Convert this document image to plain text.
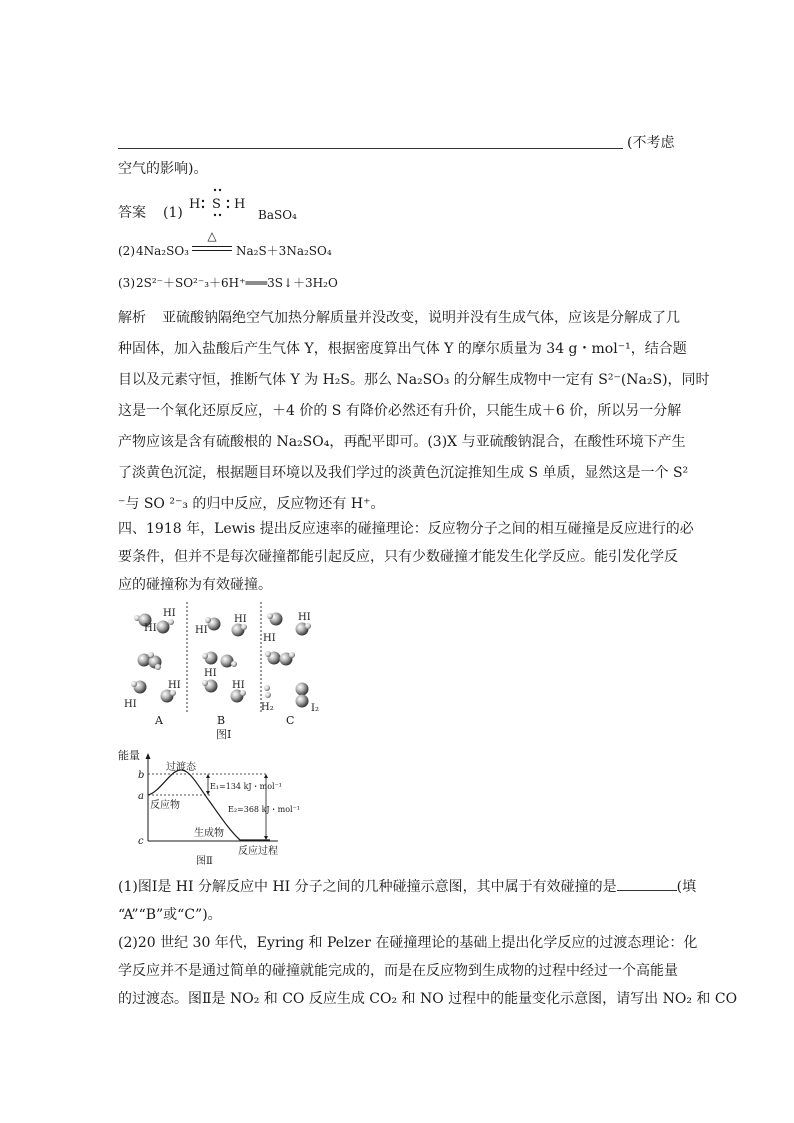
(不考虑
空气的影响)。
答案 (1)
H S H
BaSO₄
(2) 4Na₂SO₃
△
Na₂S＋3Na₂SO₄
(3) 2S²⁻＋SO²⁻₃＋6H⁺═══3S↓＋3H₂O
解析 亚硫酸钠隔绝空气加热分解质量并没改变，说明并没有生成气体，应该是分解成了几
种固体，加入盐酸后产生气体 Y，根据密度算出气体 Y 的摩尔质量为 34 g・mol⁻¹，结合题
目以及元素守恒，推断气体 Y 为 H₂S。那么 Na₂SO₃ 的分解生成物中一定有 S²⁻(Na₂S)，同时
这是一个氧化还原反应，＋4 价的 S 有降价必然还有升价，只能生成＋6 价，所以另一分解
产物应该是含有硫酸根的 Na₂SO₄，再配平即可。(3)X 与亚硫酸钠混合，在酸性环境下产生
了淡黄色沉淀，根据题目环境以及我们学过的淡黄色沉淀推知生成 S 单质，显然这是一个 S²
⁻与 SO ²⁻₃ 的归中反应，反应物还有 H⁺。
四、1918 年，Lewis 提出反应速率的碰撞理论：反应物分子之间的相互碰撞是反应进行的必
要条件，但并不是每次碰撞都能引起反应，只有少数碰撞才能发生化学反应。能引发化学反
应的碰撞称为有效碰撞。
HI
HI
HI
HI
HI
HI
HI
HI
HI
HI
H₂	I₂
A	B	C
图Ⅰ
能量
b
a
c
过渡态
E₁=134 kJ・mol⁻¹
反应物	E₂=368 kJ・mol⁻¹
生成物
反应过程
图Ⅱ
(1)图Ⅰ是 HI 分解反应中 HI 分子之间的几种碰撞示意图，其中属于有效碰撞的是	(填
“A”“B”或“C”)。
(2)20 世纪 30 年代，Eyring 和 Pelzer 在碰撞理论的基础上提出化学反应的过渡态理论：化
学反应并不是通过简单的碰撞就能完成的，而是在反应物到生成物的过程中经过一个高能量
的过渡态。图Ⅱ是 NO₂ 和 CO 反应生成 CO₂ 和 NO 过程中的能量变化示意图，请写出 NO₂ 和 CO
